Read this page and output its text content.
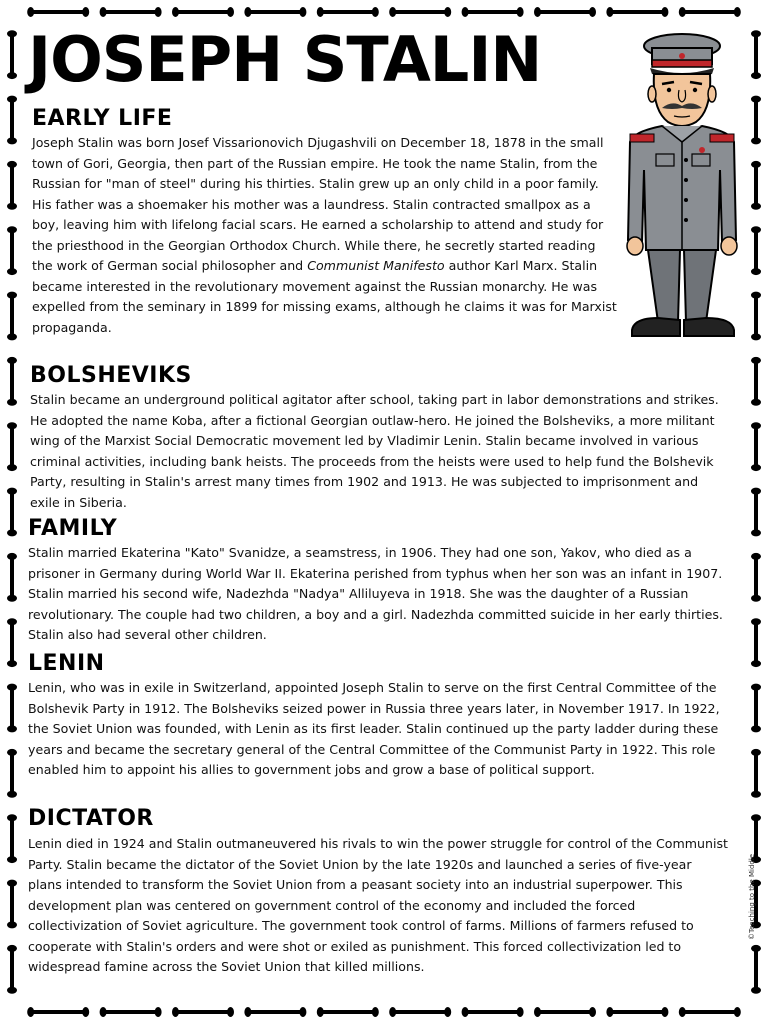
JOSEPH STALIN
EARLY LIFE

Joseph Stalin was born Josef Vissarionovich Djugashvili on December 18, 1878 in the small town of Gori, Georgia, then part of the Russian empire. He took the name Stalin, from the Russian for "man of steel" during his thirties. Stalin grew up an only child in a poor family. His father was a shoemaker his mother was a laundress. Stalin contracted smallpox as a boy, leaving him with lifelong facial scars. He earned a scholarship to attend and study for the priesthood in the Georgian Orthodox Church. While there, he secretly started reading the work of German social philosopher and Communist Manifesto author Karl Marx. Stalin became interested in the revolutionary movement against the Russian monarchy. He was expelled from the seminary in 1899 for missing exams, although he claims it was for Marxist propaganda.

BOLSHEVIKS

Stalin became an underground political agitator after school, taking part in labor demonstrations and strikes. He adopted the name Koba, after a fictional Georgian outlaw-hero. He joined the Bolsheviks, a more militant wing of the Marxist Social Democratic movement led by Vladimir Lenin. Stalin became involved in various criminal activities, including bank heists. The proceeds from the heists were used to help fund the Bolshevik Party, resulting in Stalin's arrest many times from 1902 and 1913. He was subjected to imprisonment and exile in Siberia.

FAMILY

Stalin married Ekaterina "Kato" Svanidze, a seamstress, in 1906. They had one son, Yakov, who died as a prisoner in Germany during World War II. Ekaterina perished from typhus when her son was an infant in 1907. Stalin married his second wife, Nadezhda "Nadya" Alliluyeva in 1918. She was the daughter of a Russian revolutionary. The couple had two children, a boy and a girl. Nadezhda committed suicide in her early thirties. Stalin also had several other children.

LENIN

Lenin, who was in exile in Switzerland, appointed Joseph Stalin to serve on the first Central Committee of the Bolshevik Party in 1912. The Bolsheviks seized power in Russia three years later, in November 1917. In 1922, the Soviet Union was founded, with Lenin as its first leader. Stalin continued up the party ladder during these years and became the secretary general of the Central Committee of the Communist Party in 1922. This role enabled him to appoint his allies to government jobs and grow a base of political support.

DICTATOR

Lenin died in 1924 and Stalin outmaneuvered his rivals to win the power struggle for control of the Communist Party. Stalin became the dictator of the Soviet Union by the late 1920s and launched a series of five-year plans intended to transform the Soviet Union from a peasant society into an industrial superpower. This development plan was centered on government control of the economy and included the forced collectivization of Soviet agriculture. The government took control of farms. Millions of farmers refused to cooperate with Stalin's orders and were shot or exiled as punishment. This forced collectivization led to widespread famine across the Soviet Union that killed millions.

©Teaching to the Middle
